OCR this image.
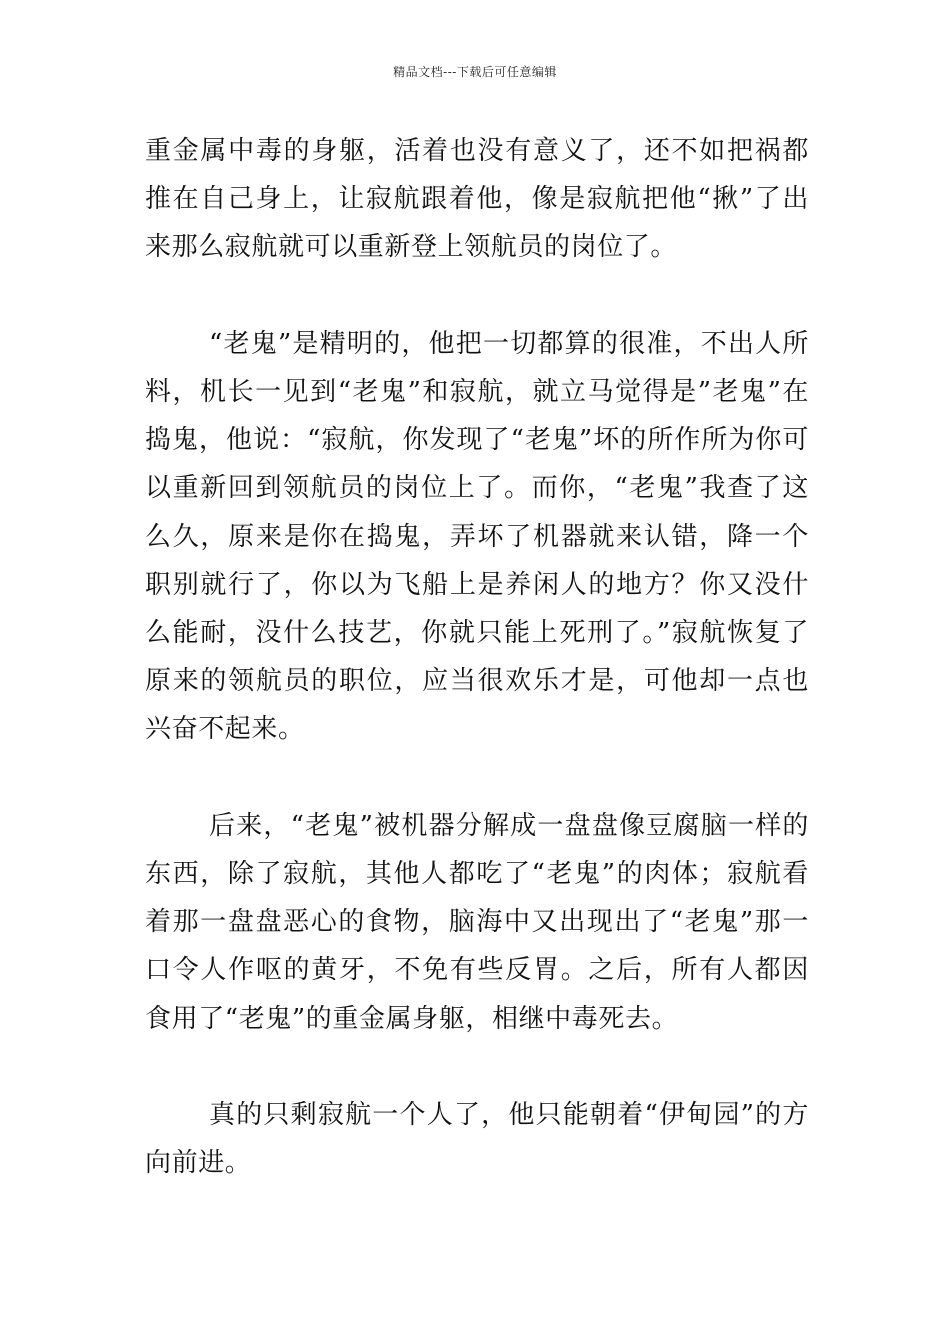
精品文档---下载后可任意编辑

重金属中毒的身躯，活着也没有意义了，还不如把祸都推在自己身上，让寂航跟着他，像是寂航把他“揪”了出来那么寂航就可以重新登上领航员的岗位了。

“老鬼”是精明的，他把一切都算的很准，不出人所料，机长一见到“老鬼”和寂航，就立马觉得是”老鬼”在捣鬼，他说：“寂航，你发现了“老鬼”坏的所作所为你可以重新回到领航员的岗位上了。而你，“老鬼”我查了这么久，原来是你在捣鬼，弄坏了机器就来认错，降一个职别就行了，你以为飞船上是养闲人的地方？你又没什么能耐，没什么技艺，你就只能上死刑了。”寂航恢复了原来的领航员的职位，应当很欢乐才是，可他却一点也兴奋不起来。

后来，“老鬼”被机器分解成一盘盘像豆腐脑一样的东西，除了寂航，其他人都吃了“老鬼”的肉体；寂航看着那一盘盘恶心的食物，脑海中又出现出了“老鬼”那一口令人作呕的黄牙，不免有些反胃。之后，所有人都因食用了“老鬼”的重金属身躯，相继中毒死去。

真的只剩寂航一个人了，他只能朝着“伊甸园”的方向前进。
